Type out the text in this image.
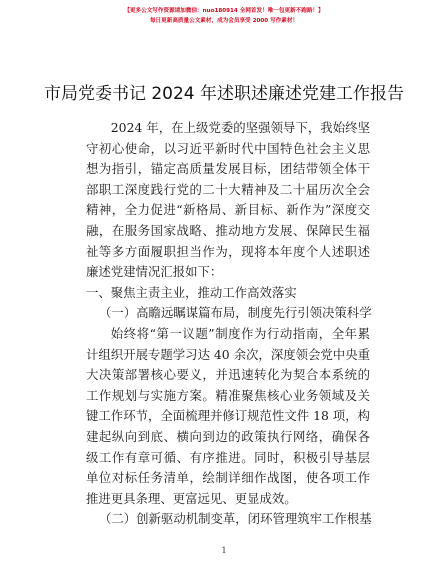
【更多公文写作资源请加微信：nuo180914 全网首发！唯一包更新不跑路！】
每日更新高质量公文素材，成为会员享受 2000 写作素材！
市局党委书记 2024 年述职述廉述党建工作报告

2024 年，在上级党委的坚强领导下，我始终坚守初心使命，以习近平新时代中国特色社会主义思想为指引，锚定高质量发展目标，团结带领全体干部职工深度践行党的二十大精神及二十届历次全会精神，全力促进“新格局、新目标、新作为”深度交融，在服务国家战略、推动地方发展、保障民生福祉等多方面履职担当作为，现将本年度个人述职述廉述党建情况汇报如下：

一、聚焦主责主业，推动工作高效落实

（一）高瞻远瞩谋篇布局，制度先行引领决策科学

始终将“第一议题”制度作为行动指南，全年累计组织开展专题学习达 40 余次，深度领会党中央重大决策部署核心要义，并迅速转化为契合本系统的工作规划与实施方案。精准聚焦核心业务领域及关键工作环节，全面梳理并修订规范性文件 18 项，构建起纵向到底、横向到边的政策执行网络，确保各级工作有章可循、有序推进。同时，积极引导基层单位对标任务清单，绘制详细作战图，使各项工作推进更具条理、更富远见、更显成效。

（二）创新驱动机制变革，闭环管理筑牢工作根基

1
